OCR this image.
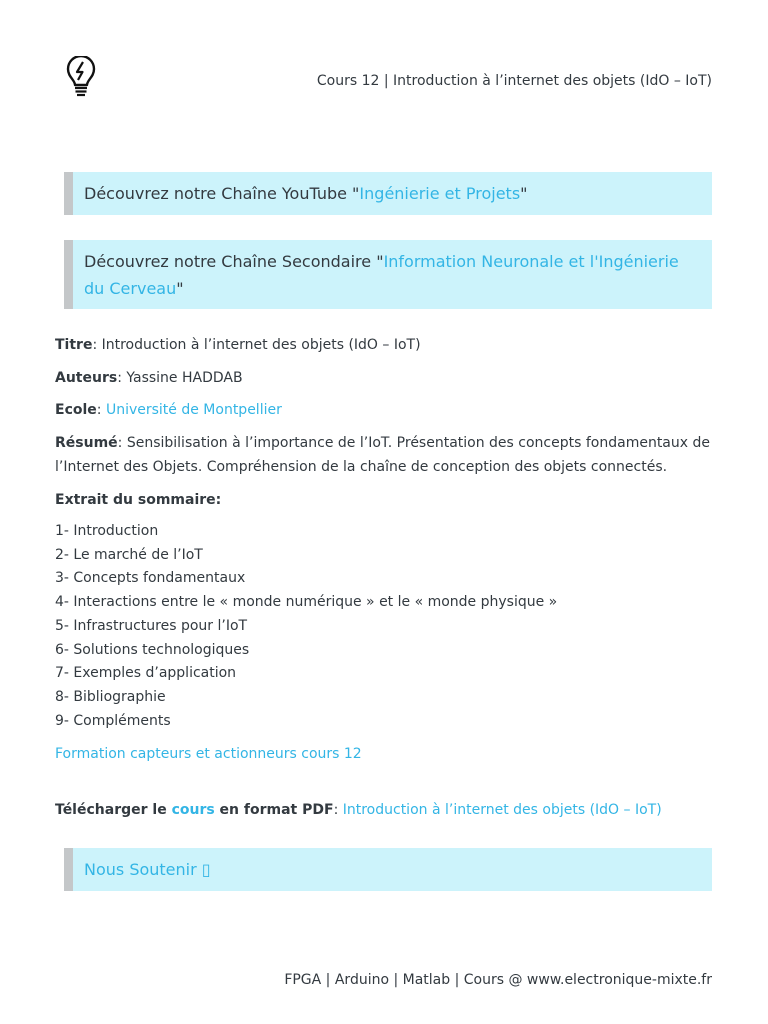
Cours 12 | Introduction à l’internet des objets (IdO – IoT)
Découvrez notre Chaîne YouTube "Ingénierie et Projets"
Découvrez notre Chaîne Secondaire "Information Neuronale et l'Ingénierie du Cerveau"
Titre: Introduction à l’internet des objets (IdO – IoT)
Auteurs: Yassine HADDAB
Ecole: Université de Montpellier
Résumé: Sensibilisation à l’importance de l’IoT. Présentation des concepts fondamentaux de l’Internet des Objets. Compréhension de la chaîne de conception des objets connectés.
Extrait du sommaire:
1- Introduction
2- Le marché de l’IoT
3- Concepts fondamentaux
4- Interactions entre le « monde numérique » et le « monde physique »
5- Infrastructures pour l’IoT
6- Solutions technologiques
7- Exemples d’application
8- Bibliographie
9- Compléments
Formation capteurs et actionneurs cours 12
Télécharger le cours en format PDF: Introduction à l’internet des objets (IdO – IoT)
Nous Soutenir ▯
FPGA | Arduino | Matlab | Cours @ www.electronique-mixte.fr
